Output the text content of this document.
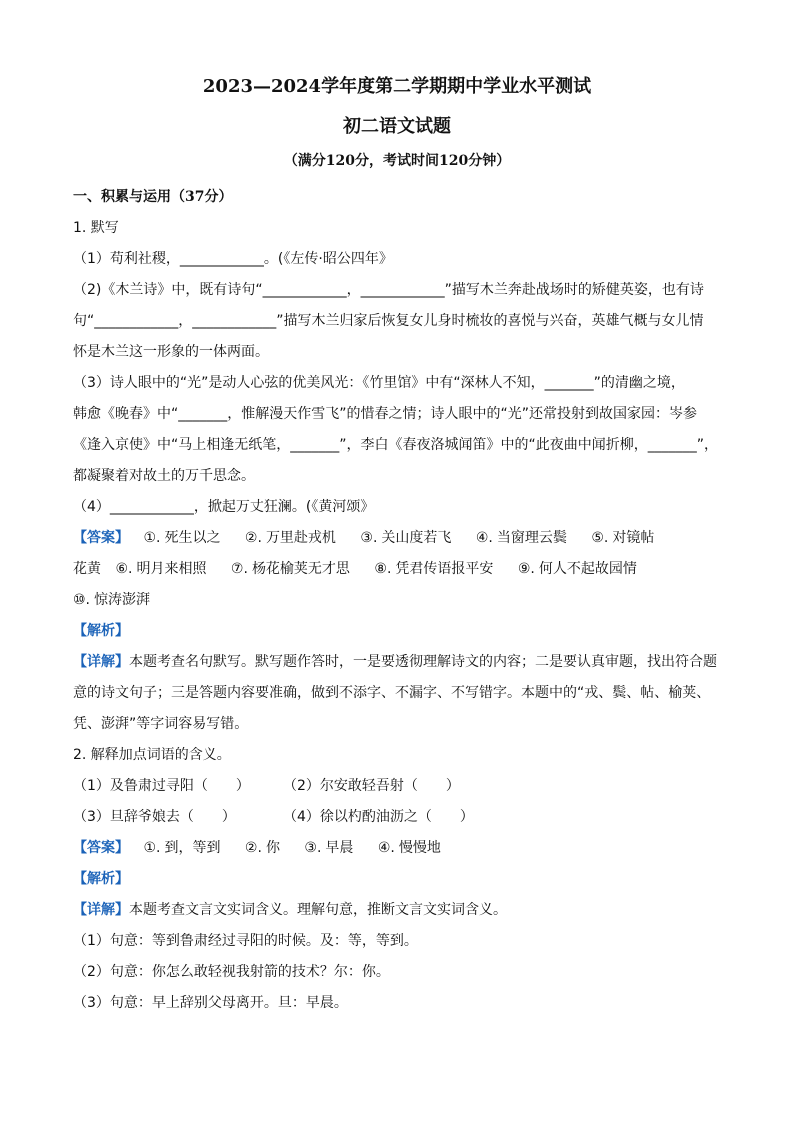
2023—2024学年度第二学期期中学业水平测试
初二语文试题
（满分120分，考试时间120分钟）

一、积累与运用（37分）

1. 默写

（1）苟利社稷，____________。(《左传·昭公四年》

（2)《木兰诗》中，既有诗句“____________，____________”描写木兰奔赴战场时的矫健英姿，也有诗

句“____________，____________”描写木兰归家后恢复女儿身时梳妆的喜悦与兴奋，英雄气概与女儿情

怀是木兰这一形象的一体两面。

（3）诗人眼中的“光”是动人心弦的优美风光：《竹里馆》中有“深林人不知，_______”的清幽之境，

韩愈《晚春》中“_______，惟解漫天作雪飞”的惜春之情；诗人眼中的“光”还常投射到故国家园：岑参

《逢入京使》中“马上相逢无纸笔，_______”，李白《春夜洛城闻笛》中的“此夜曲中闻折柳，_______”，

都凝聚着对故土的万千思念。

（4）____________，掀起万丈狂澜。(《黄河颂》

【答案】 ①. 死生以之 ②. 万里赴戎机 ③. 关山度若飞 ④. 当窗理云鬓 ⑤. 对镜帖

花黄 ⑥. 明月来相照 ⑦. 杨花榆荚无才思 ⑧. 凭君传语报平安 ⑨. 何人不起故园情

⑩. 惊涛澎湃

【解析】

【详解】本题考查名句默写。默写题作答时，一是要透彻理解诗文的内容；二是要认真审题，找出符合题

意的诗文句子；三是答题内容要准确，做到不添字、不漏字、不写错字。本题中的“戎、鬓、帖、榆荚、

凭、澎湃”等字词容易写错。

2. 解释加点词语的含义。

（1）及鲁肃过寻阳（　　） （2）尔安敢轻吾射（　　）

（3）旦辞爷娘去（　　）	（4）徐以杓酌油沥之（　　）

【答案】 ①. 到，等到 ②. 你 ③. 早晨 ④. 慢慢地

【解析】

【详解】本题考查文言文实词含义。理解句意，推断文言文实词含义。

（1）句意：等到鲁肃经过寻阳的时候。及：等，等到。

（2）句意：你怎么敢轻视我射箭的技术？尔：你。

（3）句意：早上辞别父母离开。旦：早晨。
